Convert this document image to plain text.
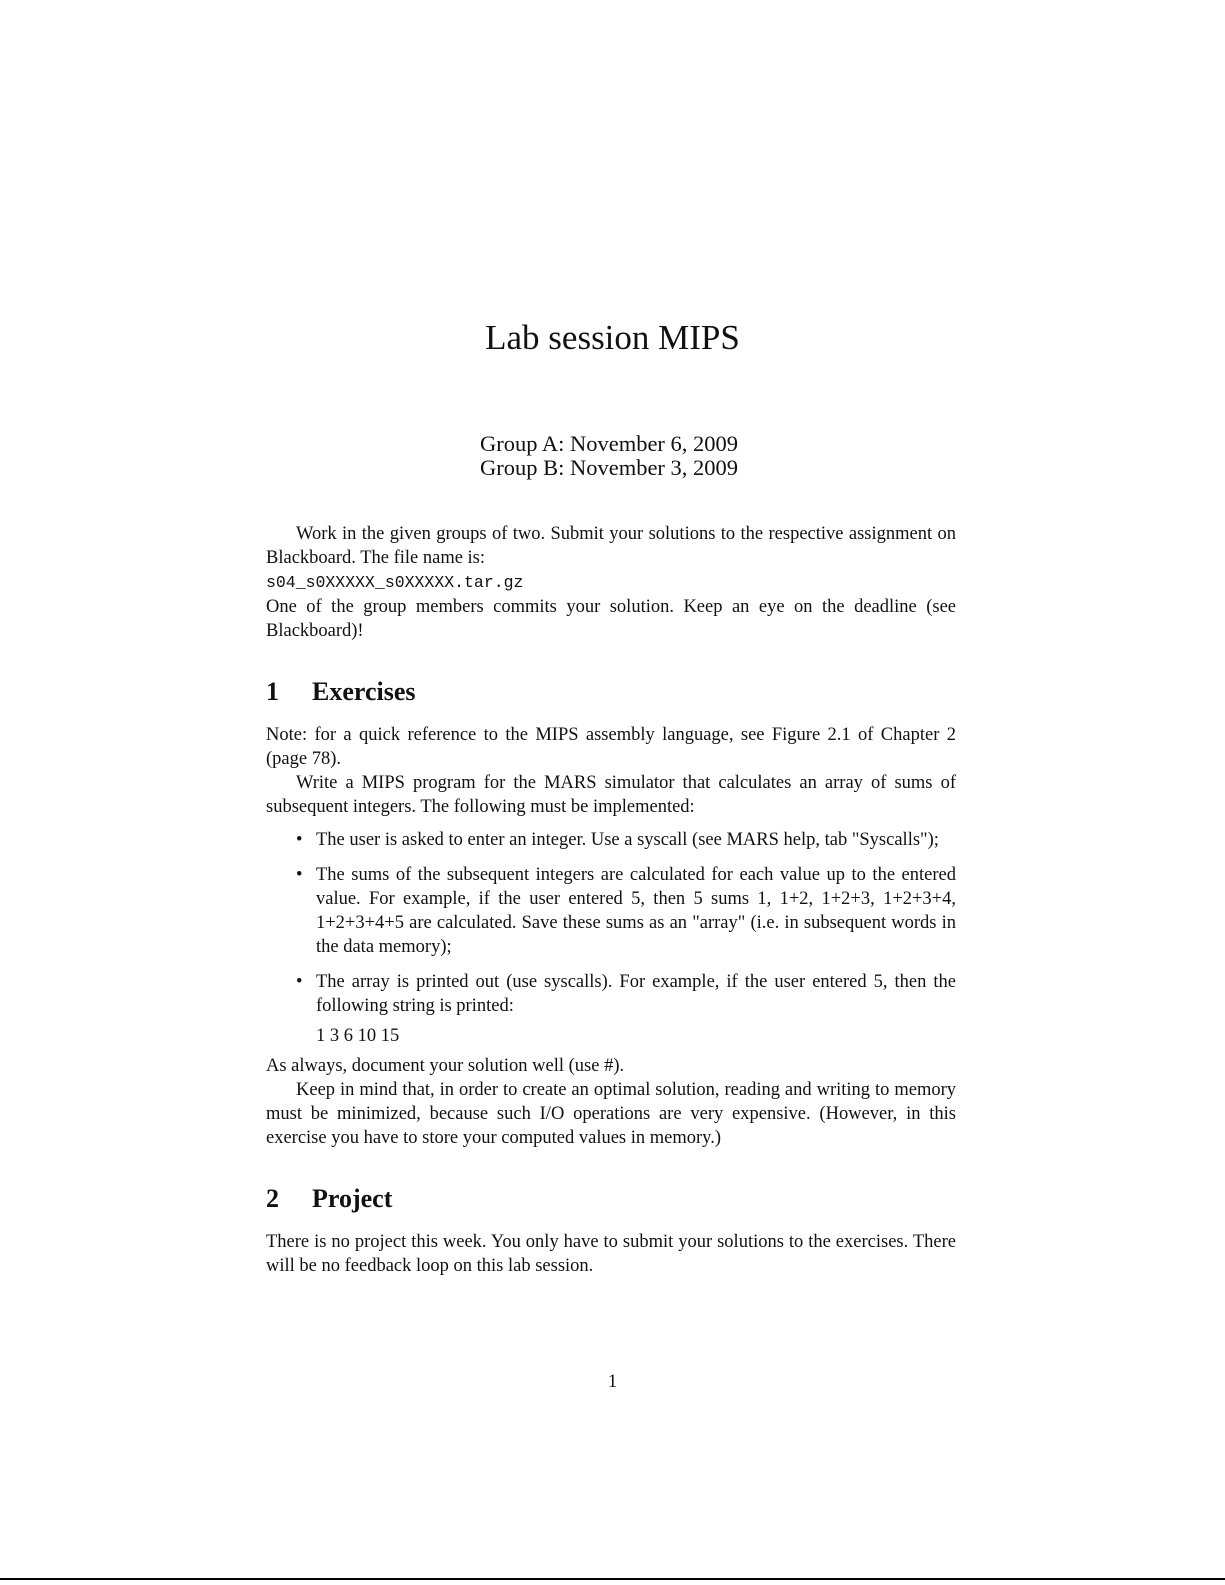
Lab session MIPS
Group A: November 6, 2009
Group B: November 3, 2009

Work in the given groups of two. Submit your solutions to the respective assignment on Blackboard. The file name is:
s04_s0XXXXX_s0XXXXX.tar.gz
One of the group members commits your solution. Keep an eye on the deadline (see Blackboard)!

1	Exercises

Note: for a quick reference to the MIPS assembly language, see Figure 2.1 of Chapter 2 (page 78).

Write a MIPS program for the MARS simulator that calculates an array of sums of subsequent integers. The following must be implemented:

• The user is asked to enter an integer. Use a syscall (see MARS help, tab "Syscalls");
• The sums of the subsequent integers are calculated for each value up to the entered value. For example, if the user entered 5, then 5 sums 1, 1+2, 1+2+3, 1+2+3+4, 1+2+3+4+5 are calculated. Save these sums as an "array" (i.e. in subsequent words in the data memory);
• The array is printed out (use syscalls). For example, if the user entered 5, then the following string is printed:
1 3 6 10 15

As always, document your solution well (use #).

Keep in mind that, in order to create an optimal solution, reading and writing to memory must be minimized, because such I/O operations are very expensive. (However, in this exercise you have to store your computed values in memory.)

2	Project

There is no project this week. You only have to submit your solutions to the exercises. There will be no feedback loop on this lab session.

1
